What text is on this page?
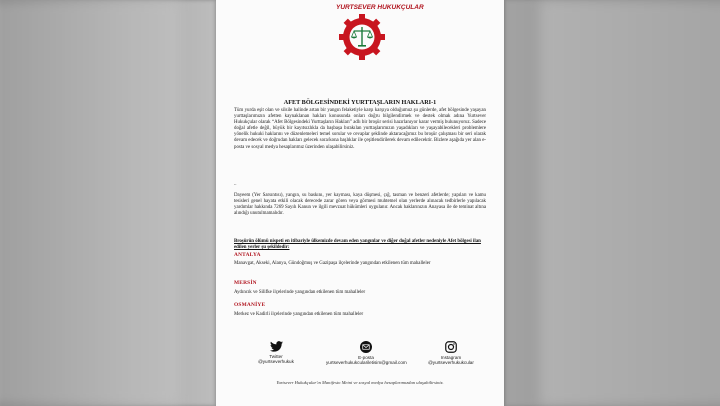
YURTSEVER HUKUKÇULAR
AFET BÖLGESİNDEKİ YURTTAŞLARIN HAKLARI-1
Tüm yurda eşit olan ve silsile halinde artan bir yangın felaketiyle karşı karşıya olduğumuz şu günlerde, afet bölgesinde yaşayan yurttaşlarımızın afetten kaynaklanan hakları konusunda onları doğru bilgilendirmek ve destek olmak adına Yurtsever Hukukçular olarak “Afet Bölgesindeki Yurttaşların Hakları” adlı bir broşür serisi hazırlanıyor karar vermiş bulunuyoruz. Sadece doğal afetle değil, büyük bir kayıtsızlıkla da başbaşa bırakılan yurttaşlarımızın yaşadıkları ve yaşayabilecekleri problemlere yönelik hukuki haklarını ve düzenlemeleri temel sorular ve cevaplar şeklinde aktaracağımız bu broşür çalışması bir seri olarak devam edecek ve doğrudan hakları gelecek sora/kona başlıklar ile çeşitlendirilerek devam edilecektir. Bizlere aşağıda yer alan e-posta ve sosyal medya hesaplarımız üzerinden ulaşabilirsiniz.
..
Dayeem (Yer Sarsıntısı), yangın, su baskını, yer kayması, kaya düşmesi, çığ, tasman ve benzeri afetlerde; yapıları ve kamu tesisleri genel hayata etkili olacak derecede zarar gören veya görmesi muhtemel olan yerlerde alınacak tedbirlerle yapılacak yardımlar hakkında 7269 Sayılı Kanun ve ilgili mevzuat hükümleri uygulanır. Ancak haklarınızın Anayasa ile de teminat altına alındığı unutulmamalıdır.
Broşürün ölümü nispeti en itibariyle ülkemizde devam eden yangınlar ve diğer doğal afetler nedeniyle Afet bölgesi ilan edilen yerler şu şekildedir:
ANTALYA
Manavgat, Akseki, Alanya, Gündoğmuş ve Gazipaşa ilçelerinde yangından etkilenen tüm mahalleler
MERSİN
Aydıncık ve Silifke ilçelerinde yangından etkilenen tüm mahalleler
OSMANİYE
Merkez ve Kadirli ilçelerinde yangından etkilenen tüm mahalleler
Twitter
@yurtseverhukuk
E-posta
yurtseverhukukculariletisim@gmail.com
Instagram
@yurtseverhukukcular
Yurtsever Hukukçular'ın Manifesto Metni ve sosyal medya hesaplarımızdan ulaşabilirsiniz.
